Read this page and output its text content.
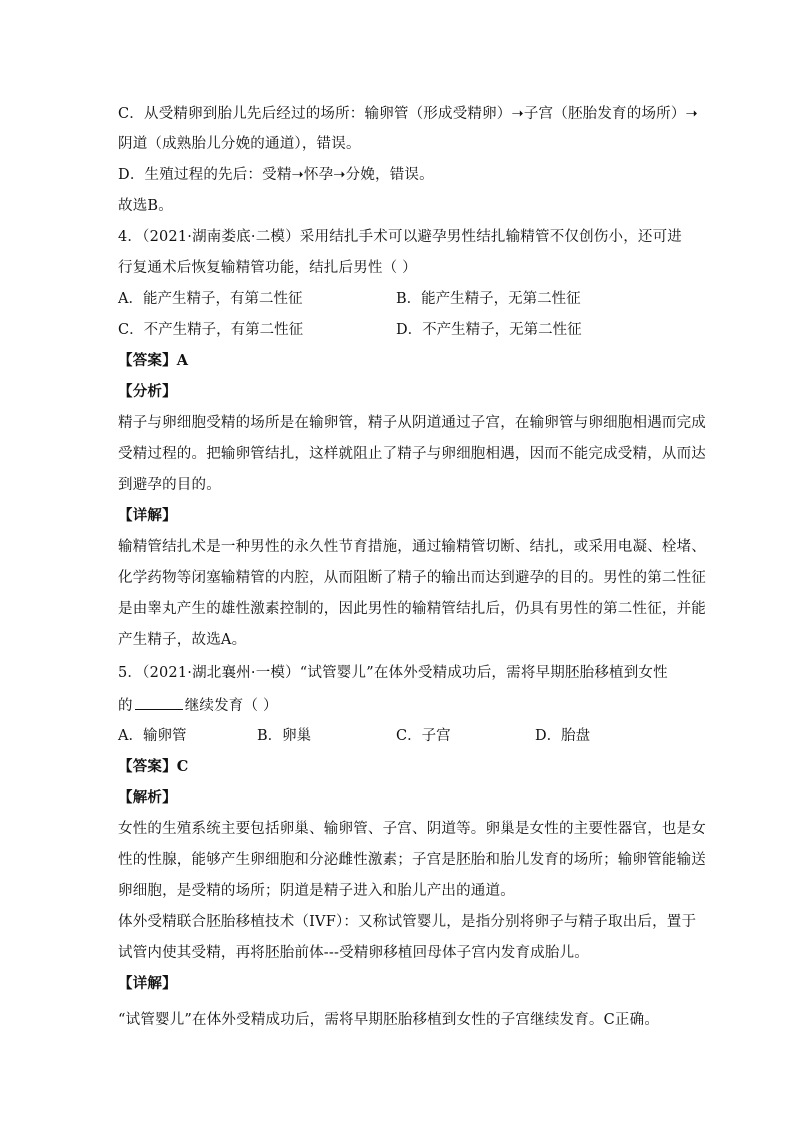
C．从受精卵到胎儿先后经过的场所：输卵管（形成受精卵）➝子宫（胚胎发育的场所）➝
阴道（成熟胎儿分娩的通道），错误。
D．生殖过程的先后：受精➝怀孕➝分娩，错误。
故选B。
4．（2021·湖南娄底·二模）采用结扎手术可以避孕男性结扎输精管不仅创伤小，还可进
行复通术后恢复输精管功能，结扎后男性（ ）
A．能产生精子，有第二性征	B．能产生精子，无第二性征
C．不产生精子，有第二性征	D．不产生精子，无第二性征
【答案】A
【分析】
精子与卵细胞受精的场所是在输卵管，精子从阴道通过子宫，在输卵管与卵细胞相遇而完成
受精过程的。把输卵管结扎，这样就阻止了精子与卵细胞相遇，因而不能完成受精，从而达
到避孕的目的。
【详解】
输精管结扎术是一种男性的永久性节育措施，通过输精管切断、结扎，或采用电凝、栓堵、
化学药物等闭塞输精管的内腔，从而阻断了精子的输出而达到避孕的目的。男性的第二性征
是由睾丸产生的雄性激素控制的，因此男性的输精管结扎后，仍具有男性的第二性征，并能
产生精子，故选A。
5．（2021·湖北襄州·一模）“试管婴儿”在体外受精成功后，需将早期胚胎移植到女性
的	继续发育（ ）
A．输卵管	B．卵巢	C．子宫	D．胎盘
【答案】C
【解析】
女性的生殖系统主要包括卵巢、输卵管、子宫、阴道等。卵巢是女性的主要性器官，也是女
性的性腺，能够产生卵细胞和分泌雌性激素；子宫是胚胎和胎儿发育的场所；输卵管能输送
卵细胞，是受精的场所；阴道是精子进入和胎儿产出的通道。
体外受精联合胚胎移植技术（IVF）：又称试管婴儿，是指分别将卵子与精子取出后，置于
试管内使其受精，再将胚胎前体---受精卵移植回母体子宫内发育成胎儿。
【详解】
“试管婴儿”在体外受精成功后，需将早期胚胎移植到女性的子宫继续发育。C正确。
